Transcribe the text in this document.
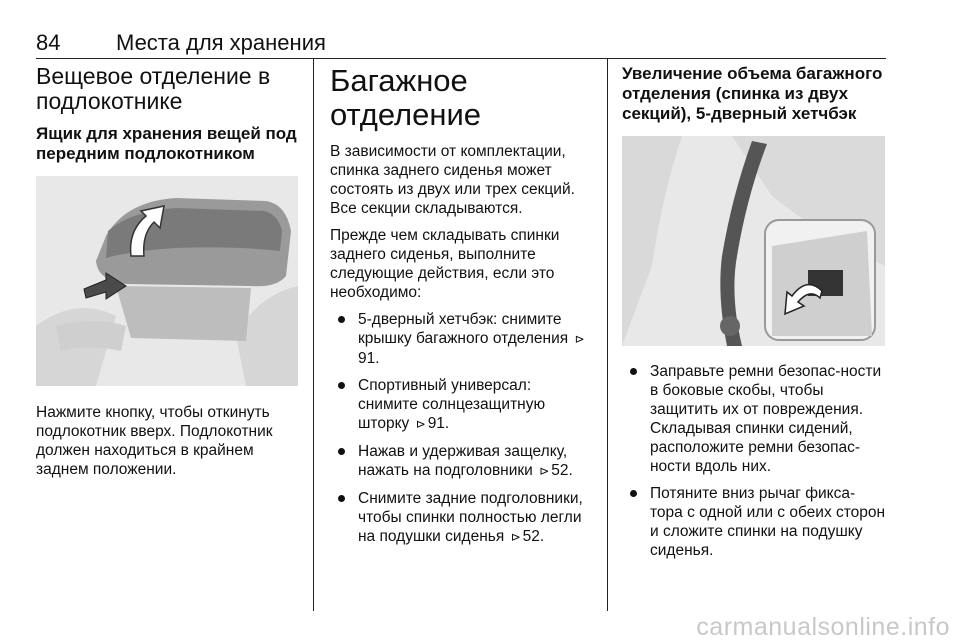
84	Места для хранения
Вещевое отделение в подлокотнике
Ящик для хранения вещей под передним подлокотником

Нажмите кнопку, чтобы откинуть подлокотник вверх. Подлокотник должен находиться в крайнем заднем положении.

Багажное отделение

В зависимости от комплектации, спинка заднего сиденья может состоять из двух или трех секций. Все секции складываются.

Прежде чем складывать спинки заднего сиденья, выполните следующие действия, если это необходимо:

5-дверный хетчбэк: снимите крышку багажного отделения ⊳91.
Спортивный универсал: снимите солнцезащитную шторку ⊳ 91.
Нажав и удерживая защелку, нажать на подголовники ⊳ 52.
Снимите задние подголовники, чтобы спинки полностью легли на подушки сиденья ⊳ 52.
Увеличение объема багажного отделения (спинка из двух секций), 5-дверный хетчбэк
Заправьте ремни безопас-ности в боковые скобы, чтобы защитить их от повреждения. Складывая спинки сидений, расположите ремни безопас-ности вдоль них.
Потяните вниз рычаг фикса-тора с одной или с обеих сторон и сложите спинки на подушку сиденья.
carmanualsonline.info
